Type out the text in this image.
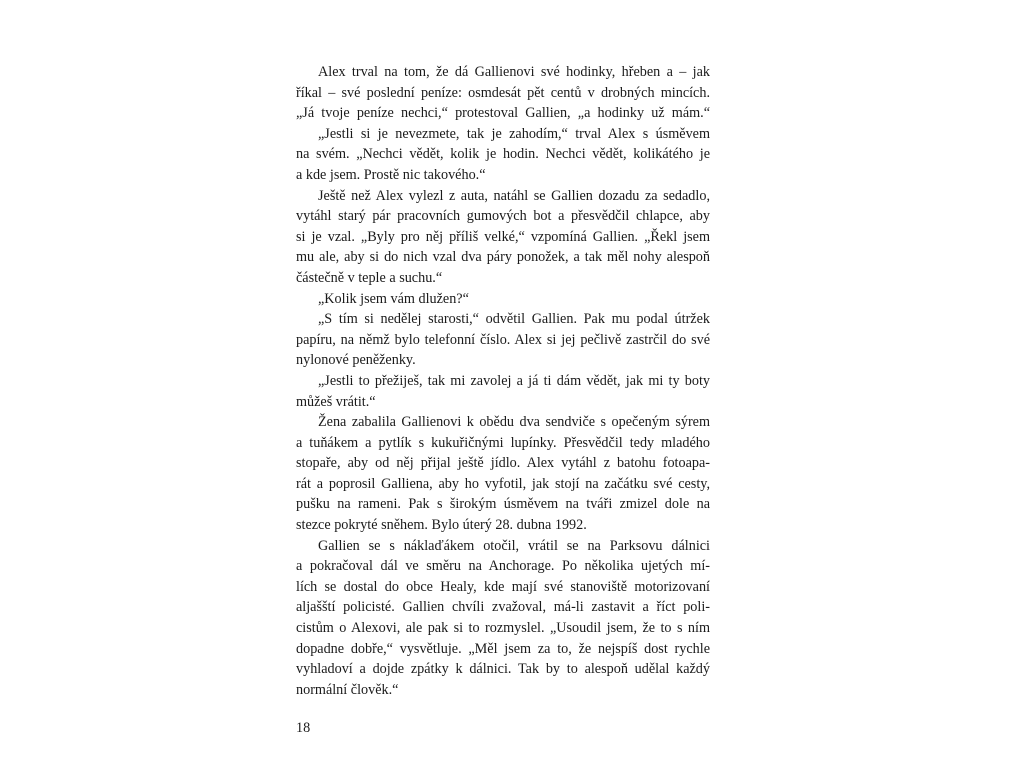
Alex trval na tom, že dá Gallienovi své hodinky, hřeben a – jak
říkal – své poslední peníze: osmdesát pět centů v drobných mincích.
„Já tvoje peníze nechci,“ protestoval Gallien, „a hodinky už mám.“
„Jestli si je nevezmete, tak je zahodím,“ trval Alex s úsměvem
na svém. „Nechci vědět, kolik je hodin. Nechci vědět, kolikátého je
a kde jsem. Prostě nic takového.“
Ještě než Alex vylezl z auta, natáhl se Gallien dozadu za sedadlo,
vytáhl starý pár pracovních gumových bot a přesvědčil chlapce, aby
si je vzal. „Byly pro něj příliš velké,“ vzpomíná Gallien. „Řekl jsem
mu ale, aby si do nich vzal dva páry ponožek, a tak měl nohy alespoň
částečně v teple a suchu.“
„Kolik jsem vám dlužen?“
„S tím si nedělej starosti,“ odvětil Gallien. Pak mu podal útržek
papíru, na němž bylo telefonní číslo. Alex si jej pečlivě zastrčil do své
nylonové peněženky.
„Jestli to přežiješ, tak mi zavolej a já ti dám vědět, jak mi ty boty
můžeš vrátit.“
Žena zabalila Gallienovi k obědu dva sendviče s opečeným sýrem
a tuňákem a pytlík s kukuřičnými lupínky. Přesvědčil tedy mladého
stopaře, aby od něj přijal ještě jídlo. Alex vytáhl z batohu fotoapa-
rát a poprosil Galliena, aby ho vyfotil, jak stojí na začátku své cesty,
pušku na rameni. Pak s širokým úsměvem na tváři zmizel dole na
stezce pokryté sněhem. Bylo úterý 28. dubna 1992.
Gallien se s náklaďákem otočil, vrátil se na Parksovu dálnici
a pokračoval dál ve směru na Anchorage. Po několika ujetých mí-
lích se dostal do obce Healy, kde mají své stanoviště motorizovaní
aljašští policisté. Gallien chvíli zvažoval, má-li zastavit a říct poli-
cistům o Alexovi, ale pak si to rozmyslel. „Usoudil jsem, že to s ním
dopadne dobře,“ vysvětluje. „Měl jsem za to, že nejspíš dost rychle
vyhladoví a dojde zpátky k dálnici. Tak by to alespoň udělal každý
normální člověk.“
18
